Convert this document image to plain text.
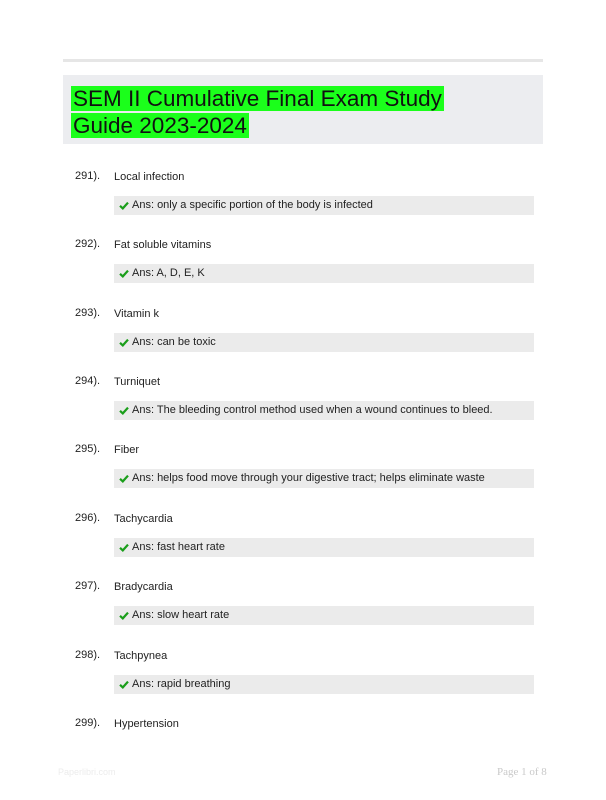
SEM II Cumulative Final Exam Study Guide 2023-2024
291). Local infection
Ans: only a specific portion of the body is infected
292). Fat soluble vitamins
Ans: A, D, E, K
293). Vitamin k
Ans: can be toxic
294). Turniquet
Ans: The bleeding control method used when a wound continues to bleed.
295). Fiber
Ans: helps food move through your digestive tract; helps eliminate waste
296). Tachycardia
Ans: fast heart rate
297). Bradycardia
Ans: slow heart rate
298). Tachpynea
Ans: rapid breathing
299). Hypertension
Paperlibri.com	Page 1 of 8
